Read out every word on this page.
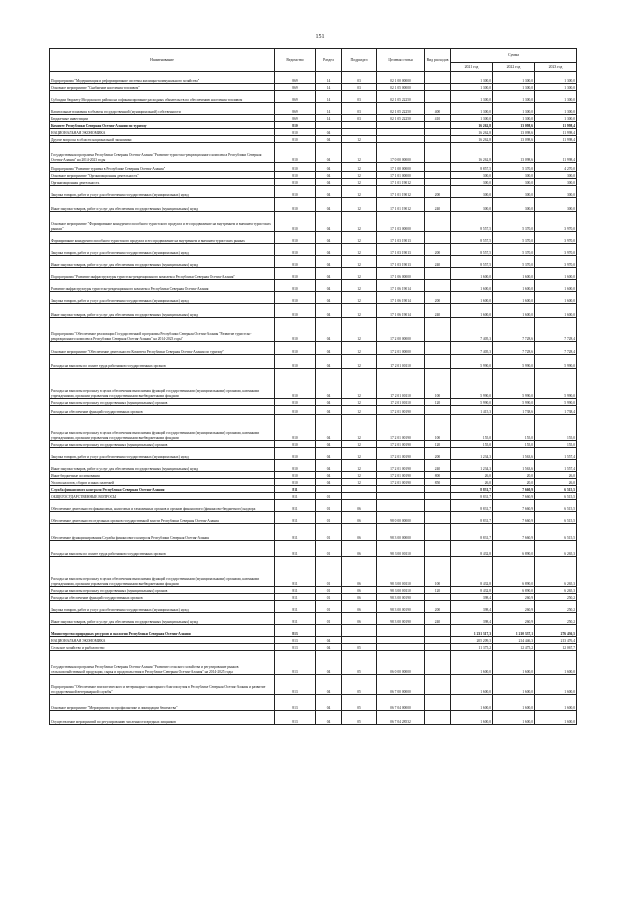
151
Наименование	Ведомство	Раздел	Подраздел	Целевая статья	Вид расходов	Сумма		
						2021 год	2022 год	2023 год
Подпрограмма "Модернизация и реформирование системы жилищно-коммунального хозяйства"	869	14	03	02 1 00 00000		1 300,0	1 300,0	1 300,0
Основное мероприятие "Снабжение населения топливом"	869	14	03	02 1 05 00000		1 300,0	1 300,0	1 300,0
Субсидии бюджету Моздокского района на софинансирование расходных обязательств по обеспечению населения топливом	869	14	03	02 1 05 22250		1 300,0	1 300,0	1 300,0
Капитальные вложения в объекты государственной (муниципальной) собственности	869	14	03	02 1 05 22250	400	1 300,0	1 300,0	1 300,0
Бюджетные инвестиции	869	14	03	02 1 05 22250	410	1 300,0	1 300,0	1 300,0
Комитет Республики Северная Осетия-Алания по туризму	810					16 262,8	13 098,6	11 998,4
НАЦИОНАЛЬНАЯ ЭКОНОМИКА	810	04				16 262,8	13 098,6	11 998,4
Другие вопросы в области национальной экономики	810	04	12			16 262,8	13 098,6	11 998,4
Государственная программа Республики Северная Осетия-Алания "Развитие туристско-рекреационного комплекса Республики Северная Осетия-Алания" на 2014-2023 годы	810	04	12	17 0 00 00000		16 262,8	13 098,6	11 998,4
Подпрограмма "Развитие туризма в Республике Северная Осетия-Алания"	810	04	12	17 1 00 00000		8 857,5	5 370,0	4 270,0
Основное мероприятие "Организационная деятельность"	810	04	12	17 1 01 00000		300,0	300,0	300,0
Организационная деятельность	810	04	12	17 1 01 19012		300,0	300,0	300,0
Закупка товаров, работ и услуг для обеспечения государственных (муниципальных) нужд	810	04	12	17 1 01 19012	200	300,0	300,0	300,0
Иные закупки товаров, работ и услуг для обеспечения государственных (муниципальных) нужд	810	04	12	17 1 01 19012	240	300,0	300,0	300,0
Основное мероприятие "Формирование конкурентоспособного туристского продукта и его продвижение на внутреннем и внешнем туристских рынках"	810	04	12	17 1 03 00000		8 557,5	5 370,0	3 970,0
Формирование конкурентоспособного туристского продукта и его продвижение на внутреннем и внешнем туристских рынках	810	04	12	17 1 03 19013		8 557,5	5 370,0	3 970,0
Закупка товаров, работ и услуг для обеспечения государственных (муниципальных) нужд	810	04	12	17 1 03 19013	200	8 557,5	5 370,0	3 970,0
Иные закупки товаров, работ и услуг для обеспечения государственных (муниципальных) нужд	810	04	12	17 1 03 19013	240	8 557,5	5 370,0	3 970,0
Подпрограмма "Развитие инфраструктуры туристско-рекреационного комплекса Республики Северная Осетия-Алания"	810	04	12	17 1 06 00000		1 600,0	1 600,0	1 600,0
Развитие инфраструктуры туристско-рекреационного комплекса Республики Северная Осетия-Алания	810	04	12	17 1 06 19014		1 600,0	1 600,0	1 600,0
Закупка товаров, работ и услуг для обеспечения государственных (муниципальных) нужд	810	04	12	17 1 06 19014	200	1 600,0	1 600,0	1 600,0
Иные закупки товаров, работ и услуг для обеспечения государственных (муниципальных) нужд	810	04	12	17 1 06 19014	240	1 600,0	1 600,0	1 600,0
Подпрограмма "Обеспечение реализации Государственной программы Республики Северная Осетия-Алания "Развитие туристско-рекреационного комплекса Республики Северная Осетия-Алания" на 2014-2023 годы"	810	04	12	17 2 00 00000		7 405,3	7 728,6	7 728,4
Основное мероприятие "Обеспечение деятельности Комитета Республики Северная Осетия-Алания по туризму"	810	04	12	17 2 01 00000		7 405,3	7 728,6	7 728,4
Расходы на выплаты по оплате труда работников государственных органов	810	04	12	17 2 01 00110		5 990,0	5 990,0	5 990,0
Расходы на выплаты персоналу в целях обеспечения выполнения функций государственными (муниципальными) органами, казенными учреждениями, органами управления государственными внебюджетными фондами	810	04	12	17 2 01 00110	100	5 990,0	5 990,0	5 990,0
Расходы на выплаты персоналу государственных (муниципальных) органов	810	04	12	17 2 01 00110	120	5 990,0	5 990,0	5 990,0
Расходы на обеспечение функций государственных органов	810	04	12	17 2 01 00190		1 415,3	1 738,6	1 738,4
Расходы на выплаты персоналу в целях обеспечения выполнения функций государственными (муниципальными) органами, казенными учреждениями, органами управления государственными внебюджетными фондами	810	04	12	17 2 01 00190	100	155,0	155,0	155,0
Расходы на выплаты персоналу государственных (муниципальных) органов	810	04	12	17 2 01 00190	120	155,0	155,0	155,0
Закупка товаров, работ и услуг для обеспечения государственных (муниципальных) нужд	810	04	12	17 2 01 00190	200	1 234,3	1 563,6	1 557,4
Иные закупки товаров, работ и услуг для обеспечения государственных (муниципальных) нужд	810	04	12	17 2 01 00190	240	1 234,3	1 563,6	1 557,4
Иные бюджетные ассигнования	810	04	12	17 2 01 00190	800	26,0	20,0	26,0
Уплата налогов, сборов и иных платежей	810	04	12	17 2 01 00190	850	26,0	20,0	26,0
Служба финансового контроля Республики Северная Осетия-Алания	811					8 831,7	7 660,9	6 515,5
ОБЩЕГОСУДАРСТВЕННЫЕ ВОПРОСЫ	811	01				8 831,7	7 660,9	6 515,5
Обеспечение деятельности финансовых, налоговых и таможенных органов и органов финансового (финансово-бюджетного) надзора	811	01	06			8 831,7	7 660,9	6 515,5
Обеспечение деятельности отдельных органов государственной власти Республики Северная Осетия-Алания	811	01	06	98 0 00 00000		8 831,7	7 660,9	6 515,5
Обеспечение функционирования Службы финансового контроля Республики Северная Осетия-Алания	811	01	06	98 3 00 00000		8 831,7	7 660,9	6 515,5
Расходы на выплаты по оплате труда работников государственных органов	811	01	06	98 3 00 00110		8 432,8	6 890,0	6 265,3
Расходы на выплаты персоналу в целях обеспечения выполнения функций государственными (муниципальными) органами, казенными учреждениями, органами управления государственными внебюджетными фондами	811	01	06	98 3 00 00110	100	8 432,8	6 890,0	6 265,3
Расходы на выплаты персоналу государственных (муниципальных) органов	811	01	06	98 3 00 00110	120	8 432,8	6 890,0	6 265,3
Расходы на обеспечение функций государственных органов	811	01	06	98 3 00 00190		398,4	260,9	250,2
Закупка товаров, работ и услуг для обеспечения государственных (муниципальных) нужд	811	01	06	98 3 00 00190	200	398,4	260,9	250,2
Иные закупки товаров, работ и услуг для обеспечения государственных (муниципальных) нужд	811	01	06	98 3 00 00190	240	398,4	260,9	250,2
Министерство природных ресурсов и экологии Республики Северная Осетия-Алания	813					1 231 317,3	1 210 337,1	276 436,5
НАЦИОНАЛЬНАЯ ЭКОНОМИКА	813	04				205 209,3	214 446,3	213 476,4
Сельское хозяйство и рыболовство	813	04	05			11 375,2	12 475,2	12 067,7
Государственная программа Республики Северная Осетия-Алания "Развитие сельского хозяйства и регулирование рынков сельскохозяйственной продукции, сырья и продовольствия в Республике Северная Осетия-Алания" на 2014-2025 годы	813	04	05	06 0 00 00000		1 600,0	1 600,0	1 600,0
Подпрограмма "Обеспечение эпизоотического и ветеринарно-санитарного благополучия в Республике Северная Осетия-Алания и развитие государственной ветеринарной службы"	813	04	05	06 7 00 00000		1 600,0	1 600,0	1 600,0
Основное мероприятие "Мероприятия по профилактике и ликвидации бешенства"	813	04	05	06 7 04 00000		1 600,0	1 600,0	1 600,0
Осуществление мероприятий по регулированию численности вредных хищников	813	04	05	06 7 04 28532		1 600,0	1 600,0	1 600,0
